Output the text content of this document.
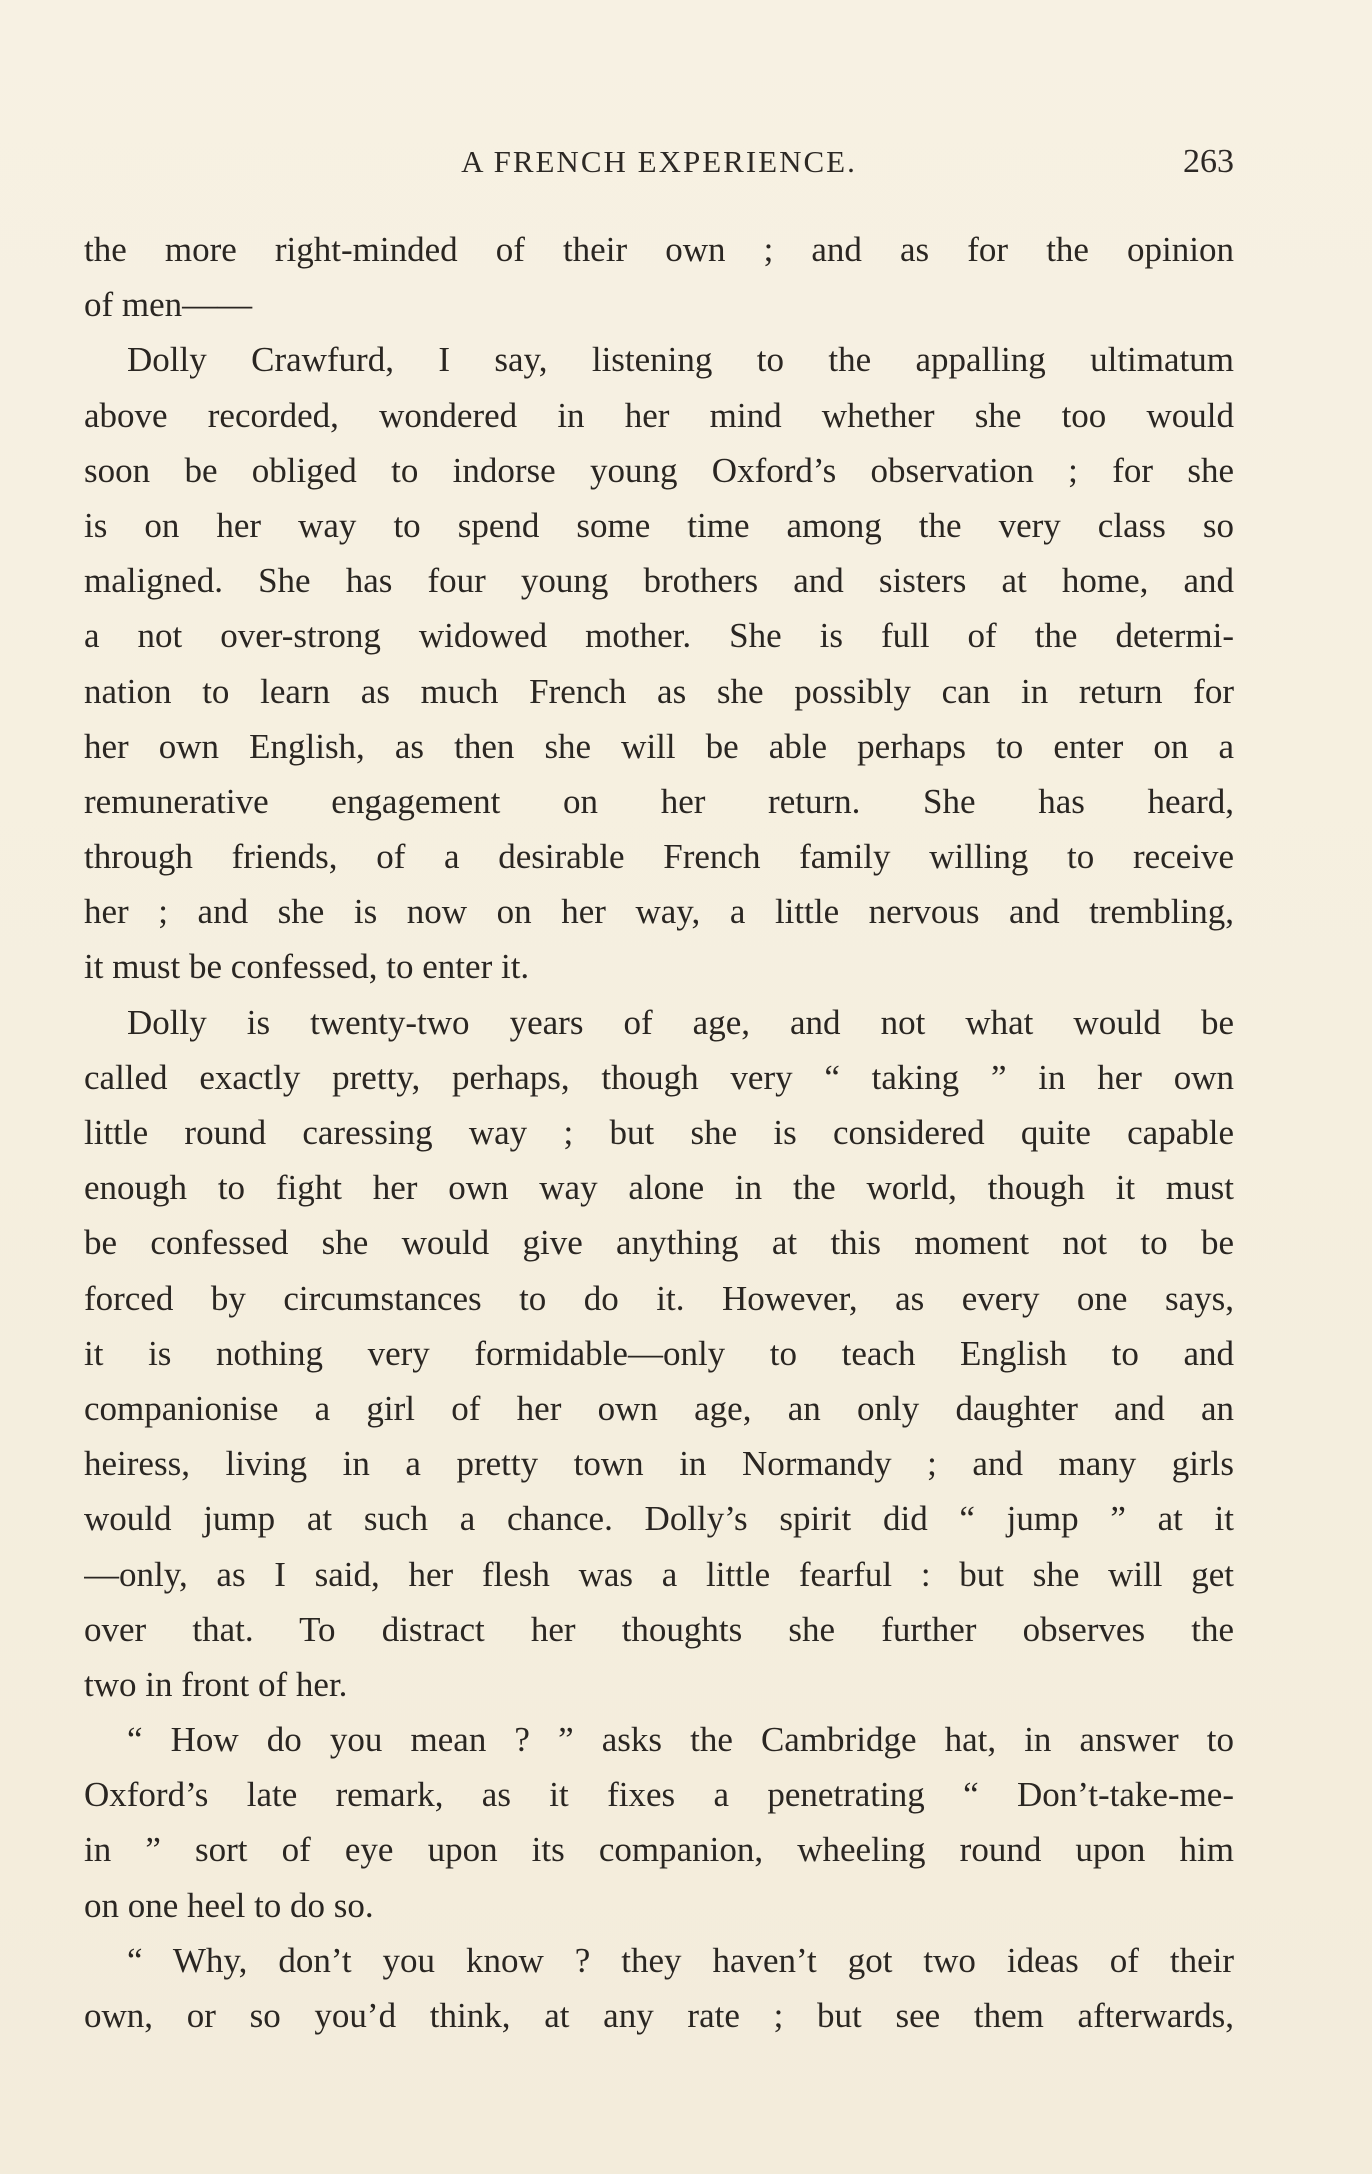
A FRENCH EXPERIENCE.	263
the more right-minded of their own ; and as for the opinion
of men——
Dolly Crawfurd, I say, listening to the appalling ultimatum
above recorded, wondered in her mind whether she too would
soon be obliged to indorse young Oxford’s observation ; for she
is on her way to spend some time among the very class so
maligned. She has four young brothers and sisters at home, and
a not over-strong widowed mother. She is full of the determi-
nation to learn as much French as she possibly can in return for
her own English, as then she will be able perhaps to enter on a
remunerative engagement on her return. She has heard,
through friends, of a desirable French family willing to receive
her ; and she is now on her way, a little nervous and trembling,
it must be confessed, to enter it.
Dolly is twenty-two years of age, and not what would be
called exactly pretty, perhaps, though very “ taking ” in her own
little round caressing way ; but she is considered quite capable
enough to fight her own way alone in the world, though it must
be confessed she would give anything at this moment not to be
forced by circumstances to do it. However, as every one says,
it is nothing very formidable—only to teach English to and
companionise a girl of her own age, an only daughter and an
heiress, living in a pretty town in Normandy ; and many girls
would jump at such a chance. Dolly’s spirit did “ jump ” at it
—only, as I said, her flesh was a little fearful : but she will get
over that. To distract her thoughts she further observes the
two in front of her.
“ How do you mean ? ” asks the Cambridge hat, in answer to
Oxford’s late remark, as it fixes a penetrating “ Don’t-take-me-
in ” sort of eye upon its companion, wheeling round upon him
on one heel to do so.
“ Why, don’t you know ? they haven’t got two ideas of their
own, or so you’d think, at any rate ; but see them afterwards,
